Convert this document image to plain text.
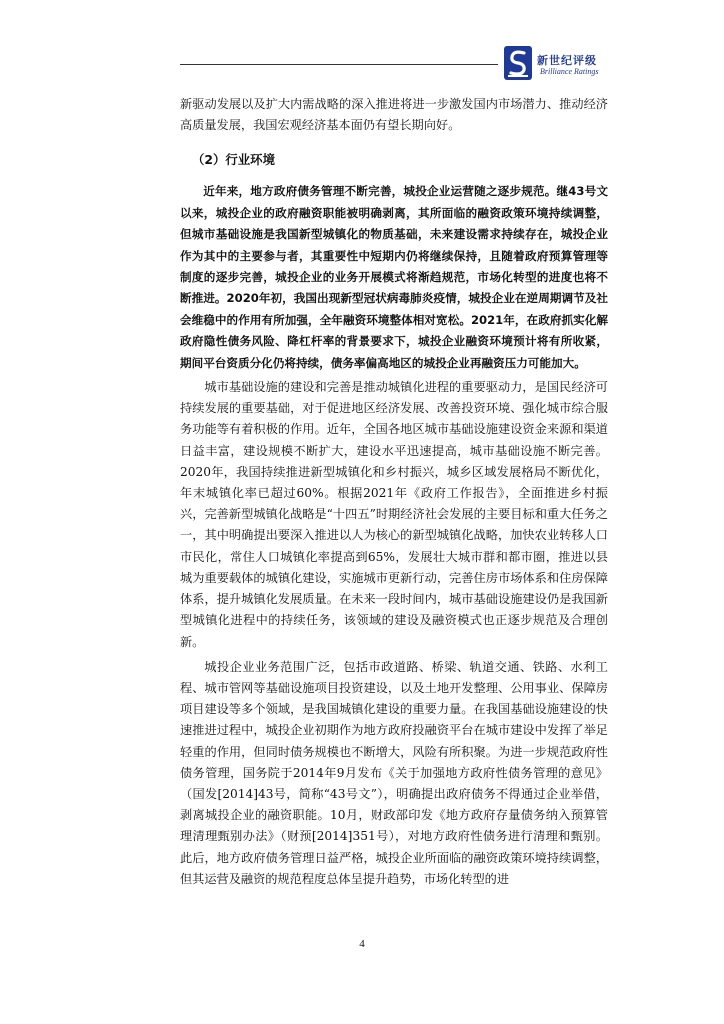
新世纪评级
Brilliance Ratings

新驱动发展以及扩大内需战略的深入推进将进一步激发国内市场潜力、推动经济高质量发展，我国宏观经济基本面仍有望长期向好。

（2）行业环境

近年来，地方政府债务管理不断完善，城投企业运营随之逐步规范。继43号文以来，城投企业的政府融资职能被明确剥离，其所面临的融资政策环境持续调整，但城市基础设施是我国新型城镇化的物质基础，未来建设需求持续存在，城投企业作为其中的主要参与者，其重要性中短期内仍将继续保持，且随着政府预算管理等制度的逐步完善，城投企业的业务开展模式将渐趋规范，市场化转型的进度也将不断推进。2020年初，我国出现新型冠状病毒肺炎疫情，城投企业在逆周期调节及社会维稳中的作用有所加强，全年融资环境整体相对宽松。2021年，在政府抓实化解政府隐性债务风险、降杠杆率的背景要求下，城投企业融资环境预计将有所收紧，期间平台资质分化仍将持续，债务率偏高地区的城投企业再融资压力可能加大。

城市基础设施的建设和完善是推动城镇化进程的重要驱动力，是国民经济可持续发展的重要基础，对于促进地区经济发展、改善投资环境、强化城市综合服务功能等有着积极的作用。近年，全国各地区城市基础设施建设资金来源和渠道日益丰富，建设规模不断扩大，建设水平迅速提高，城市基础设施不断完善。2020年，我国持续推进新型城镇化和乡村振兴，城乡区域发展格局不断优化，年末城镇化率已超过60%。根据2021年《政府工作报告》，全面推进乡村振兴，完善新型城镇化战略是“十四五”时期经济社会发展的主要目标和重大任务之一，其中明确提出要深入推进以人为核心的新型城镇化战略，加快农业转移人口市民化，常住人口城镇化率提高到65%，发展壮大城市群和都市圈，推进以县城为重要载体的城镇化建设，实施城市更新行动，完善住房市场体系和住房保障体系，提升城镇化发展质量。在未来一段时间内，城市基础设施建设仍是我国新型城镇化进程中的持续任务，该领域的建设及融资模式也正逐步规范及合理创新。

城投企业业务范围广泛，包括市政道路、桥梁、轨道交通、铁路、水利工程、城市管网等基础设施项目投资建设，以及土地开发整理、公用事业、保障房项目建设等多个领域，是我国城镇化建设的重要力量。在我国基础设施建设的快速推进过程中，城投企业初期作为地方政府投融资平台在城市建设中发挥了举足轻重的作用，但同时债务规模也不断增大，风险有所积聚。为进一步规范政府性债务管理，国务院于2014年9月发布《关于加强地方政府性债务管理的意见》（国发[2014]43号，简称“43号文”），明确提出政府债务不得通过企业举借，剥离城投企业的融资职能。10月，财政部印发《地方政府存量债务纳入预算管理清理甄别办法》（财预[2014]351号），对地方政府性债务进行清理和甄别。此后，地方政府债务管理日益严格，城投企业所面临的融资政策环境持续调整，但其运营及融资的规范程度总体呈提升趋势，市场化转型的进

4
